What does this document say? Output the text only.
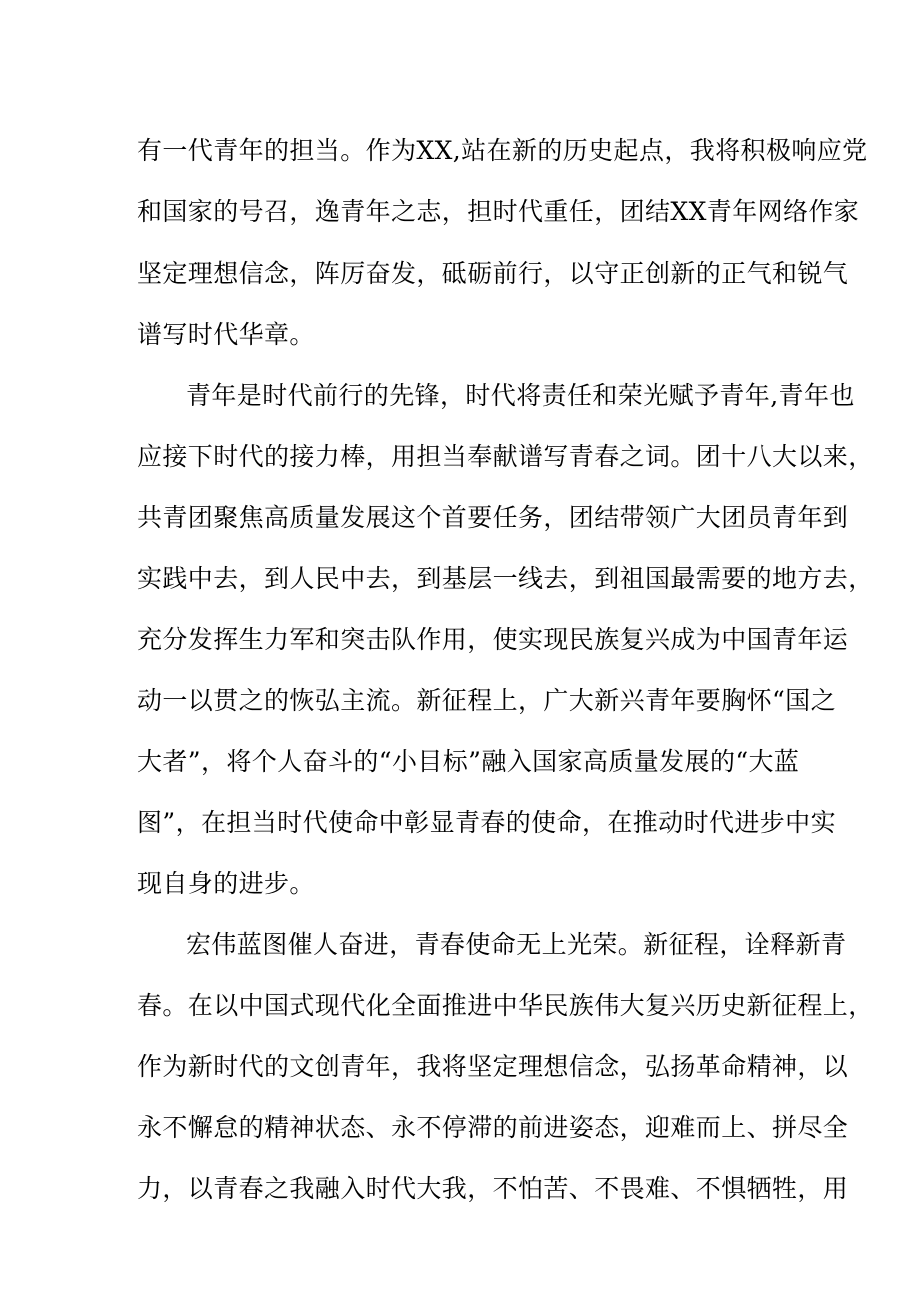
有一代青年的担当。作为XX,站在新的历史起点，我将积极响应党
和国家的号召，逸青年之志，担时代重任，团结XX青年网络作家
坚定理想信念，阵厉奋发，砥砺前行，以守正创新的正气和锐气
谱写时代华章。
青年是时代前行的先锋，时代将责任和荣光赋予青年,青年也
应接下时代的接力棒，用担当奉献谱写青春之词。团十八大以来，
共青团聚焦高质量发展这个首要任务，团结带领广大团员青年到
实践中去，到人民中去，到基层一线去，到祖国最需要的地方去，
充分发挥生力军和突击队作用，使实现民族复兴成为中国青年运
动一以贯之的恢弘主流。新征程上，广大新兴青年要胸怀“国之
大者”，将个人奋斗的“小目标”融入国家高质量发展的“大蓝
图”，在担当时代使命中彰显青春的使命，在推动时代进步中实
现自身的进步。
宏伟蓝图催人奋进，青春使命无上光荣。新征程，诠释新青
春。在以中国式现代化全面推进中华民族伟大复兴历史新征程上，
作为新时代的文创青年，我将坚定理想信念，弘扬革命精神，以
永不懈怠的精神状态、永不停滞的前进姿态，迎难而上、拼尽全
力，以青春之我融入时代大我，不怕苦、不畏难、不惧牺牲，用
